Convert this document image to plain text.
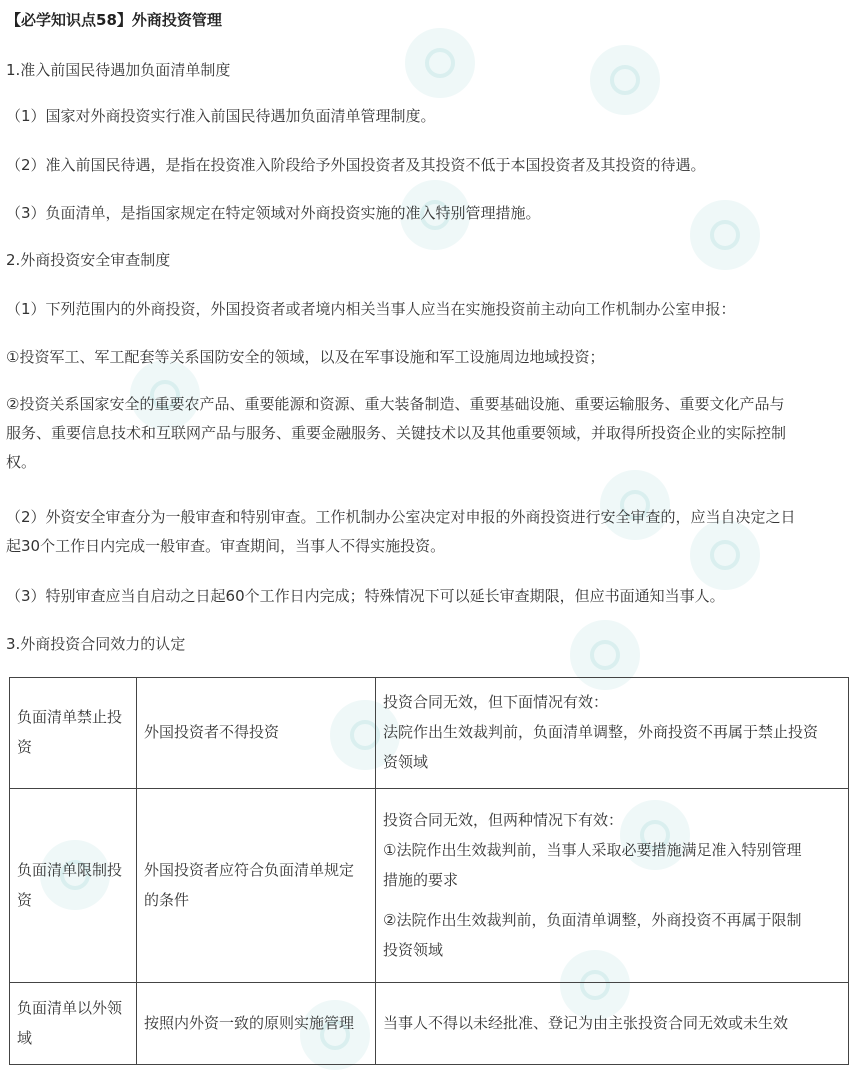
【必学知识点58】外商投资管理
1.准入前国民待遇加负面清单制度
（1）国家对外商投资实行准入前国民待遇加负面清单管理制度。
（2）准入前国民待遇，是指在投资准入阶段给予外国投资者及其投资不低于本国投资者及其投资的待遇。
（3）负面清单，是指国家规定在特定领域对外商投资实施的准入特别管理措施。
2.外商投资安全审查制度
（1）下列范围内的外商投资，外国投资者或者境内相关当事人应当在实施投资前主动向工作机制办公室申报：
①投资军工、军工配套等关系国防安全的领域，以及在军事设施和军工设施周边地域投资；
②投资关系国家安全的重要农产品、重要能源和资源、重大装备制造、重要基础设施、重要运输服务、重要文化产品与
服务、重要信息技术和互联网产品与服务、重要金融服务、关键技术以及其他重要领域，并取得所投资企业的实际控制
权。
（2）外资安全审查分为一般审查和特别审查。工作机制办公室决定对申报的外商投资进行安全审查的，应当自决定之日
起30个工作日内完成一般审查。审查期间，当事人不得实施投资。
（3）特别审查应当自启动之日起60个工作日内完成；特殊情况下可以延长审查期限，但应书面通知当事人。
3.外商投资合同效力的认定
负面清单禁止投
资	外国投资者不得投资	投资合同无效，但下面情况有效：
法院作出生效裁判前，负面清单调整，外商投资不再属于禁止投资
资领域

负面清单限制投
资	外国投资者应符合负面清单规定
的条件	投资合同无效，但两种情况下有效：
①法院作出生效裁判前，当事人采取必要措施满足准入特别管理
措施的要求
②法院作出生效裁判前，负面清单调整，外商投资不再属于限制
投资领域

负面清单以外领
域	按照内外资一致的原则实施管理	当事人不得以未经批准、登记为由主张投资合同无效或未生效
